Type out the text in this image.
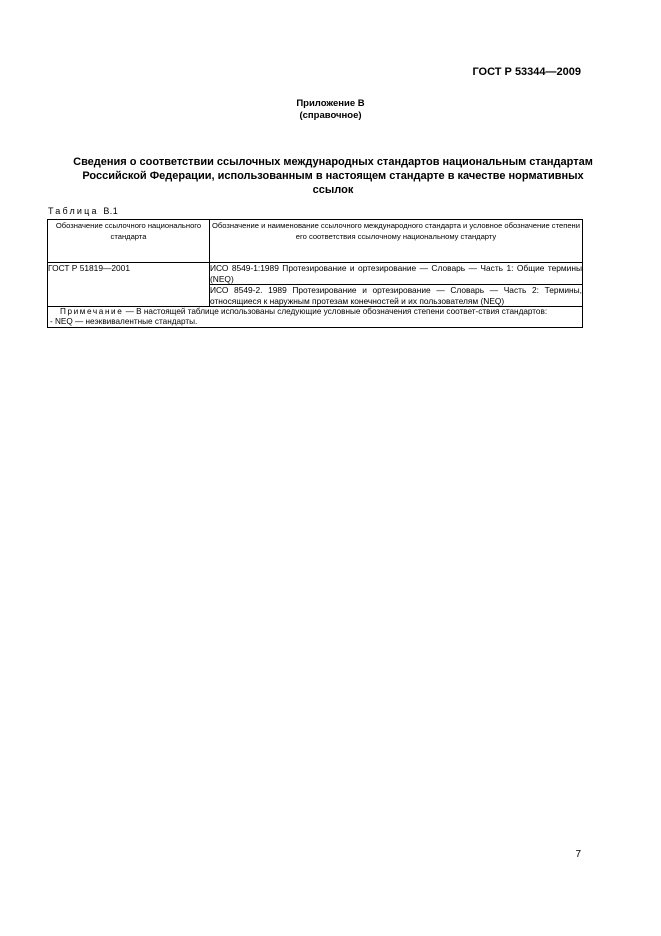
ГОСТ Р 53344—2009
Приложение В
(справочное)
Сведения о соответствии ссылочных международных стандартов национальным стандартам
Российской Федерации, использованным в настоящем стандарте в качестве нормативных
ссылок
Таблица В.1
Обозначение ссылочного национального стандарта	Обозначение и наименование ссылочного международного стандарта и условное обозначение степени его соответствия ссылочному национальному стандарту
ГОСТ Р 51819—2001	ИСО 8549-1:1989 Протезирование и ортезирование — Словарь — Часть 1: Общие термины (NEQ)
	ИСО 8549-2. 1989 Протезирование и ортезирование — Словарь — Часть 2: Термины, относящиеся к наружным протезам конечностей и их пользователям (NEQ)

Примечание — В настоящей таблице использованы следующие условные обозначения степени соответ-ствия стандартов:
- NEQ — неэквивалентные стандарты.	
7
